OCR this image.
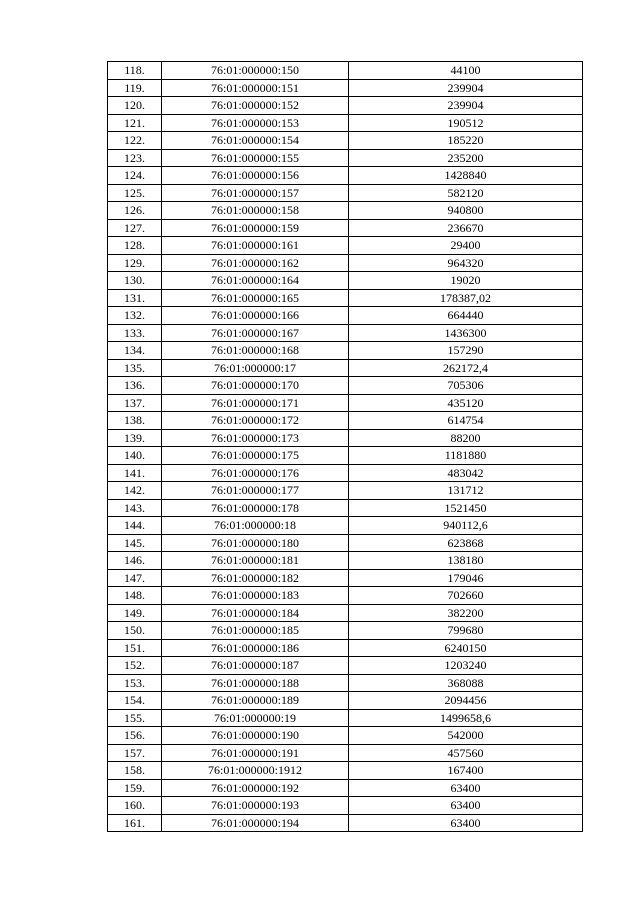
118.	76:01:000000:150	44100
119.	76:01:000000:151	239904
120.	76:01:000000:152	239904
121.	76:01:000000:153	190512
122.	76:01:000000:154	185220
123.	76:01:000000:155	235200
124.	76:01:000000:156	1428840
125.	76:01:000000:157	582120
126.	76:01:000000:158	940800
127.	76:01:000000:159	236670
128.	76:01:000000:161	29400
129.	76:01:000000:162	964320
130.	76:01:000000:164	19020
131.	76:01:000000:165	178387,02
132.	76:01:000000:166	664440
133.	76:01:000000:167	1436300
134.	76:01:000000:168	157290
135.	76:01:000000:17	262172,4
136.	76:01:000000:170	705306
137.	76:01:000000:171	435120
138.	76:01:000000:172	614754
139.	76:01:000000:173	88200
140.	76:01:000000:175	1181880
141.	76:01:000000:176	483042
142.	76:01:000000:177	131712
143.	76:01:000000:178	1521450
144.	76:01:000000:18	940112,6
145.	76:01:000000:180	623868
146.	76:01:000000:181	138180
147.	76:01:000000:182	179046
148.	76:01:000000:183	702660
149.	76:01:000000:184	382200
150.	76:01:000000:185	799680
151.	76:01:000000:186	6240150
152.	76:01:000000:187	1203240
153.	76:01:000000:188	368088
154.	76:01:000000:189	2094456
155.	76:01:000000:19	1499658,6
156.	76:01:000000:190	542000
157.	76:01:000000:191	457560
158.	76:01:000000:1912	167400
159.	76:01:000000:192	63400
160.	76:01:000000:193	63400
161.	76:01:000000:194	63400
